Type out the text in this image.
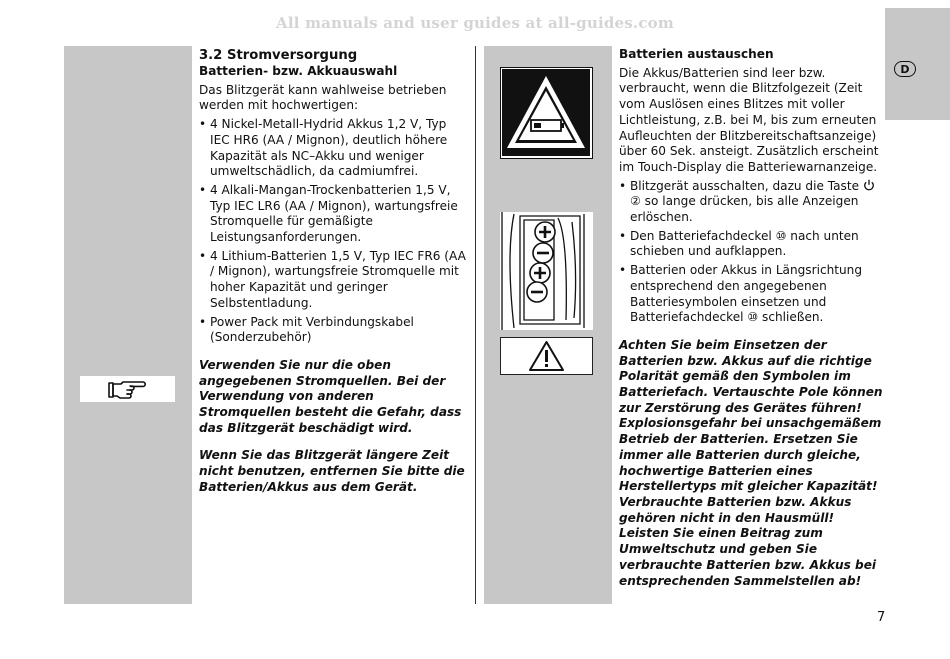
All manuals and user guides at all-guides.com
D

3.2 Stromversorgung

Batterien- bzw. Akkuauswahl

Das Blitzgerät kann wahlweise betrieben werden mit hochwertigen:

• 4 Nickel-Metall-Hydrid Akkus 1,2 V, Typ IEC HR6 (AA / Mignon), deutlich höhere Kapazität als NC–Akku und weniger umweltschädlich, da cadmiumfrei.
• 4 Alkali-Mangan-Trockenbatterien 1,5 V, Typ IEC LR6 (AA / Mignon), wartungsfreie Stromquelle für gemäßigte Leistungsanforderungen.
• 4 Lithium-Batterien 1,5 V, Typ IEC FR6 (AA / Mignon), wartungsfreie Stromquelle mit hoher Kapazität und geringer Selbstentladung.
• Power Pack mit Verbindungskabel (Sonderzubehör)

Verwenden Sie nur die oben angegebenen Stromquellen. Bei der Verwendung von anderen Stromquellen besteht die Gefahr, dass das Blitzgerät beschädigt wird.

Wenn Sie das Blitzgerät längere Zeit nicht benutzen, entfernen Sie bitte die Batterien/Akkus aus dem Gerät.

Batterien austauschen

Die Akkus/Batterien sind leer bzw. verbraucht, wenn die Blitzfolgezeit (Zeit vom Auslösen eines Blitzes mit voller Lichtleistung, z.B. bei M, bis zum erneuten Aufleuchten der Blitzbereitschaftsanzeige) über 60 Sek. ansteigt. Zusätzlich erscheint im Touch-Display die Batteriewarnanzeige.

• Blitzgerät ausschalten, dazu die Taste
② so lange drücken, bis alle Anzeigen erlöschen.
• Den Batteriefachdeckel ⑩ nach unten schieben und aufklappen.
• Batterien oder Akkus in Längsrichtung entsprechend den angegebenen Batteriesymbolen einsetzen und Batteriefachdeckel ⑩ schließen.

Achten Sie beim Einsetzen der Batterien bzw. Akkus auf die richtige Polarität gemäß den Symbolen im Batteriefach. Vertauschte Pole können zur Zerstörung des Gerätes führen! Explosionsgefahr bei unsachgemäßem Betrieb der Batterien. Ersetzen Sie immer alle Batterien durch gleiche, hochwertige Batterien eines Herstellertyps mit gleicher Kapazität! Verbrauchte Batterien bzw. Akkus gehören nicht in den Hausmüll! Leisten Sie einen Beitrag zum Umweltschutz und geben Sie verbrauchte Batterien bzw. Akkus bei entsprechenden Sammelstellen ab!

7
